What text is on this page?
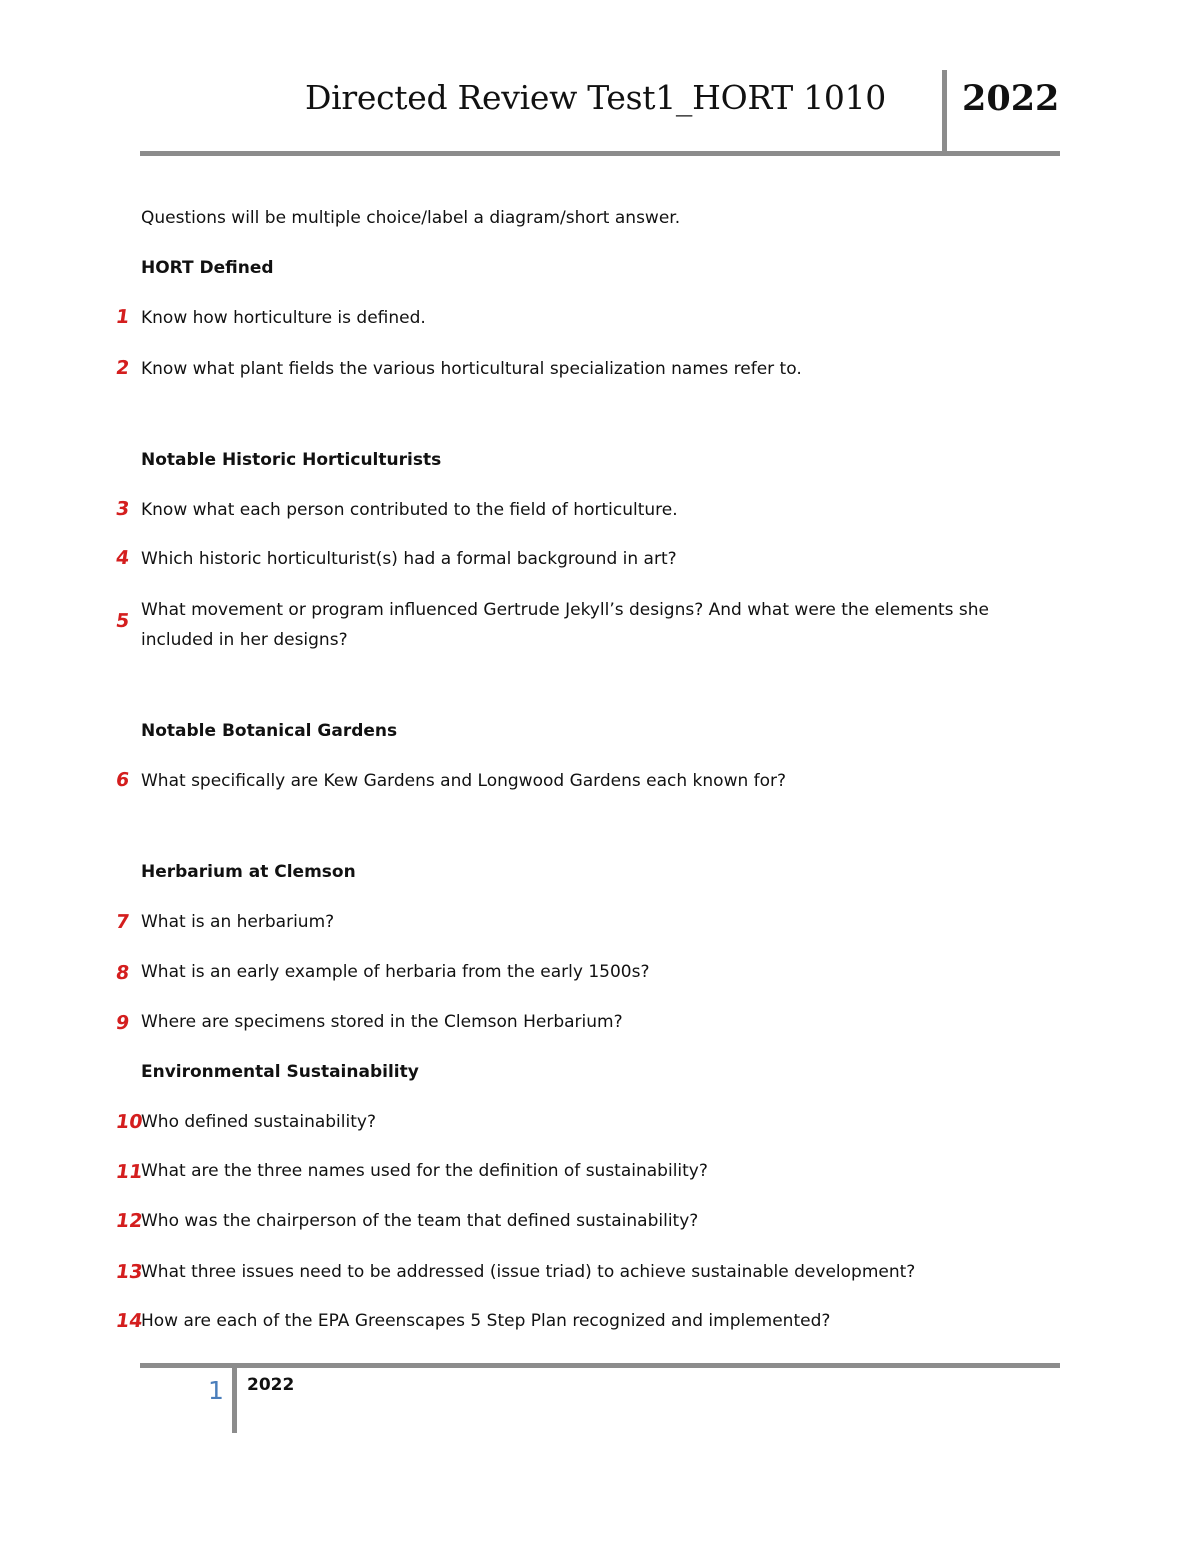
Directed Review Test1_HORT 1010 2022
Questions will be multiple choice/label a diagram/short answer.
HORT Defined
1 Know how horticulture is defined.
2 Know what plant fields the various horticultural specialization names refer to.
Notable Historic Horticulturists
3 Know what each person contributed to the field of horticulture.
4 Which historic horticulturist(s) had a formal background in art?
5 What movement or program influenced Gertrude Jekyll’s designs? And what were the elements she included in her designs?
Notable Botanical Gardens
6 What specifically are Kew Gardens and Longwood Gardens each known for?
Herbarium at Clemson
7 What is an herbarium?
8 What is an early example of herbaria from the early 1500s?
9 Where are specimens stored in the Clemson Herbarium?
Environmental Sustainability
10
Who defined sustainability?
11
What are the three names used for the definition of sustainability?
12
Who was the chairperson of the team that defined sustainability?
13
What three issues need to be addressed (issue triad) to achieve sustainable development?
14
How are each of the EPA Greenscapes 5 Step Plan recognized and implemented?
1 2022
